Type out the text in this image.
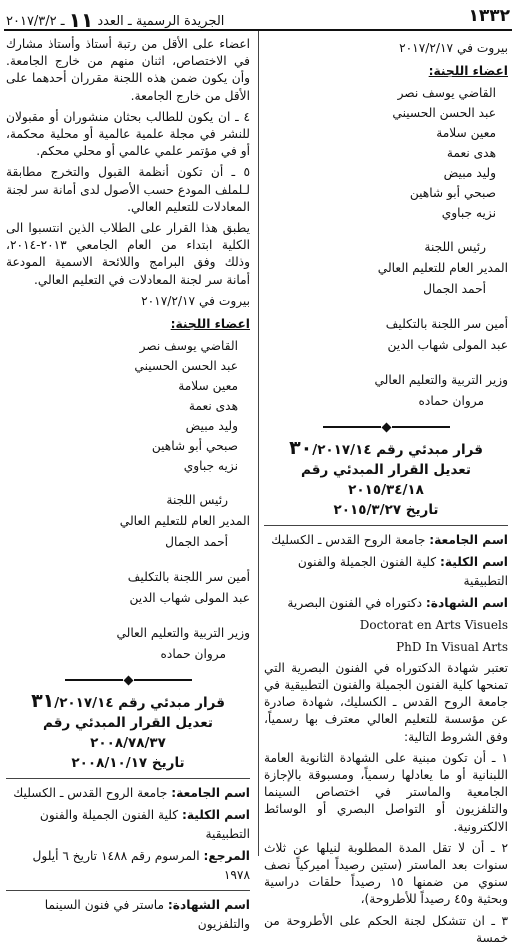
١٣٣٢
الجريدة الرسمية ـ العدد ١١ ـ ٢٠١٧/٣/٢
بيروت في ٢٠١٧/٢/١٧
اعضاء اللجنة:
القاضي يوسف نصر
عبد الحسن الحسيني
معين سلامة
هدى نعمة
وليد مبيض
صبحي أبو شاهين
نزيه جباوي
رئيس اللجنة
المدير العام للتعليم العالي
أحمد الجمال
أمين سر اللجنة بالتكليف
عبد المولى شهاب الدين
وزير التربية والتعليم العالي
مروان حماده
قرار مبدئي رقم ٣٠/٢٠١٧/١٤
تعديل القرار المبدئي رقم ٢٠١٥/٣٤/١٨
تاريخ ٢٠١٥/٣/٢٧
اسم الجامعة: جامعة الروح القدس ـ الكسليك
اسم الكلية: كلية الفنون الجميلة والفنون التطبيقية
اسم الشهادة: دكتوراه في الفنون البصرية
Doctorat en Arts Visuels
PhD In Visual Arts

تعتبر شهادة الدكتوراه في الفنون البصرية التي تمنحها كلية الفنون الجميلة والفنون التطبيقية في جامعة الروح القدس ـ الكسليك، شهادة صادرة عن مؤسسة للتعليم العالي معترف بها رسمياً، وفق الشروط التالية:

١ ـ أن تكون مبنية على الشهادة الثانوية العامة اللبنانية أو ما يعادلها رسمياً، ومسبوقة بالإجازة الجامعية والماستر في اختصاص السينما والتلفزيون أو التواصل البصري أو الوسائط الالكترونية.

٢ ـ أن لا تقل المدة المطلوبة لنيلها عن ثلاث سنوات بعد الماستر (ستين رصيداً اميركياً نصف سنوي من ضمنها ١٥ رصيداً حلقات دراسية وبحثية و٤٥ رصيداً للأطروحة)،

٣ ـ ان تتشكل لجنة الحكم على الأطروحة من خمسة

اعضاء على الأقل من رتبة أستاذ وأستاذ مشارك في الاختصاص، اثنان منهم من خارج الجامعة. وأن يكون ضمن هذه اللجنة مقرران أحدهما على الأقل من خارج الجامعة.

٤ ـ ان يكون للطالب بحثان منشوران أو مقبولان للنشر في مجلة علمية عالمية أو محلية محكمة، أو في مؤتمر علمي عالمي أو محلي محكم.

٥ ـ أن تكون أنظمة القبول والتخرج مطابقة لـلملف المودع حسب الأصول لدى أمانة سر لجنة المعادلات للتعليم العالي.

يطبق هذا القرار على الطلاب الذين انتسبوا الى الكلية ابتداء من العام الجامعي ٢٠١٣-٢٠١٤، وذلك وفق البرامج واللائحة الاسمية المودعة أمانة سر لجنة المعادلات في التعليم العالي.

بيروت في ٢٠١٧/٢/١٧
اعضاء اللجنة:
القاضي يوسف نصر
عبد الحسن الحسيني
معين سلامة
هدى نعمة
وليد مبيض
صبحي أبو شاهين
نزيه جباوي
رئيس اللجنة
المدير العام للتعليم العالي
أحمد الجمال
أمين سر اللجنة بالتكليف
عبد المولى شهاب الدين
وزير التربية والتعليم العالي
مروان حماده
قرار مبدئي رقم ٣١/٢٠١٧/١٤
تعديل القرار المبدئي رقم ٢٠٠٨/٧٨/٣٧
تاريخ ٢٠٠٨/١٠/١٧
اسم الجامعة: جامعة الروح القدس ـ الكسليك
اسم الكلية: كلية الفنون الجميلة والفنون التطبيقية
المرجع: المرسوم رقم ١٤٨٨ تاريخ ٦ أيلول ١٩٧٨
اسم الشهادة: ماستر في فنون السينما والتلفزيون
